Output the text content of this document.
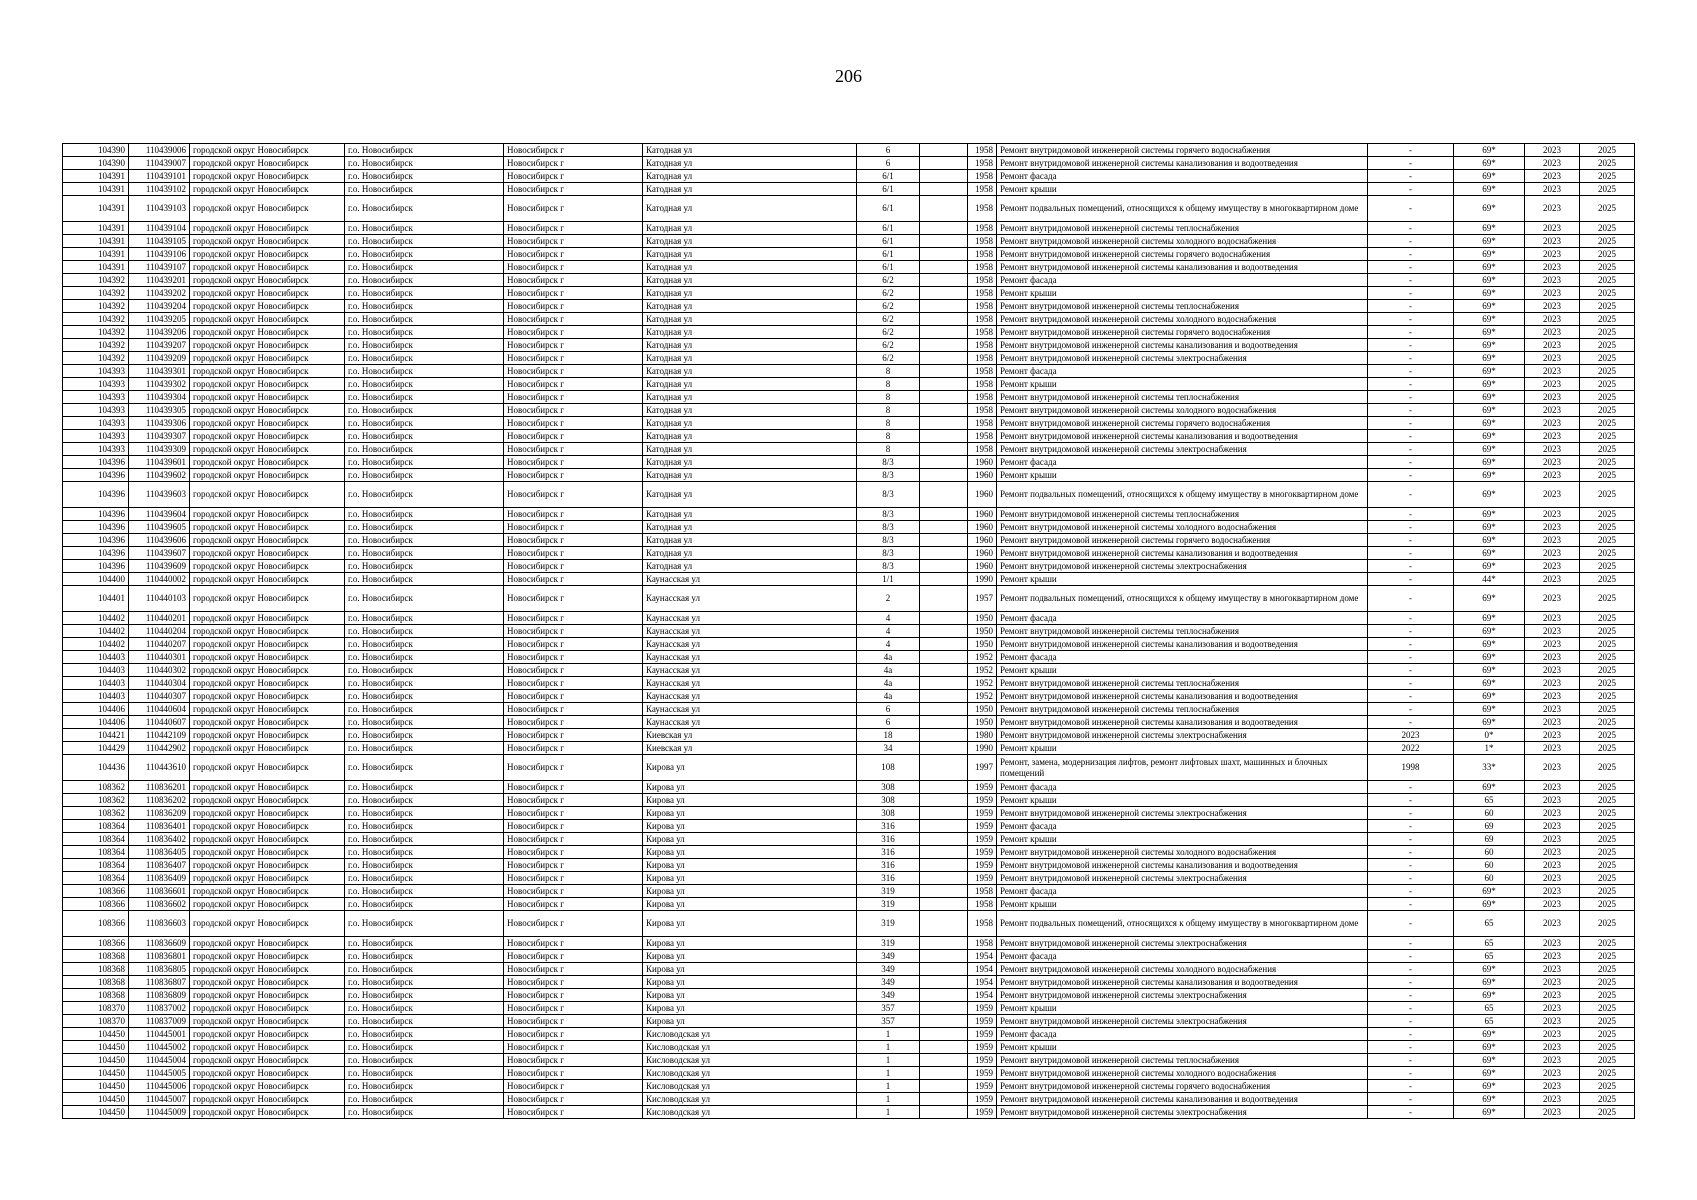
206
104390	110439006	городской округ Новосибирск	г.о. Новосибирск	Новосибирск г	Катодная ул	6		1958	Ремонт внутридомовой инженерной системы горячего водоснабжения	-	69*	2023	2025
104390	110439007	городской округ Новосибирск	г.о. Новосибирск	Новосибирск г	Катодная ул	6		1958	Ремонт внутридомовой инженерной системы канализования и водоотведения	-	69*	2023	2025
104391	110439101	городской округ Новосибирск	г.о. Новосибирск	Новосибирск г	Катодная ул	6/1		1958	Ремонт фасада	-	69*	2023	2025
104391	110439102	городской округ Новосибирск	г.о. Новосибирск	Новосибирск г	Катодная ул	6/1		1958	Ремонт крыши	-	69*	2023	2025
104391	110439103	городской округ Новосибирск	г.о. Новосибирск	Новосибирск г	Катодная ул	6/1		1958	Ремонт подвальных помещений, относящихся к общему имуществу в многоквартирном доме	-	69*	2023	2025
104391	110439104	городской округ Новосибирск	г.о. Новосибирск	Новосибирск г	Катодная ул	6/1		1958	Ремонт внутридомовой инженерной системы теплоснабжения	-	69*	2023	2025
104391	110439105	городской округ Новосибирск	г.о. Новосибирск	Новосибирск г	Катодная ул	6/1		1958	Ремонт внутридомовой инженерной системы холодного водоснабжения	-	69*	2023	2025
104391	110439106	городской округ Новосибирск	г.о. Новосибирск	Новосибирск г	Катодная ул	6/1		1958	Ремонт внутридомовой инженерной системы горячего водоснабжения	-	69*	2023	2025
104391	110439107	городской округ Новосибирск	г.о. Новосибирск	Новосибирск г	Катодная ул	6/1		1958	Ремонт внутридомовой инженерной системы канализования и водоотведения	-	69*	2023	2025
104392	110439201	городской округ Новосибирск	г.о. Новосибирск	Новосибирск г	Катодная ул	6/2		1958	Ремонт фасада	-	69*	2023	2025
104392	110439202	городской округ Новосибирск	г.о. Новосибирск	Новосибирск г	Катодная ул	6/2		1958	Ремонт крыши	-	69*	2023	2025
104392	110439204	городской округ Новосибирск	г.о. Новосибирск	Новосибирск г	Катодная ул	6/2		1958	Ремонт внутридомовой инженерной системы теплоснабжения	-	69*	2023	2025
104392	110439205	городской округ Новосибирск	г.о. Новосибирск	Новосибирск г	Катодная ул	6/2		1958	Ремонт внутридомовой инженерной системы холодного водоснабжения	-	69*	2023	2025
104392	110439206	городской округ Новосибирск	г.о. Новосибирск	Новосибирск г	Катодная ул	6/2		1958	Ремонт внутридомовой инженерной системы горячего водоснабжения	-	69*	2023	2025
104392	110439207	городской округ Новосибирск	г.о. Новосибирск	Новосибирск г	Катодная ул	6/2		1958	Ремонт внутридомовой инженерной системы канализования и водоотведения	-	69*	2023	2025
104392	110439209	городской округ Новосибирск	г.о. Новосибирск	Новосибирск г	Катодная ул	6/2		1958	Ремонт внутридомовой инженерной системы электроснабжения	-	69*	2023	2025
104393	110439301	городской округ Новосибирск	г.о. Новосибирск	Новосибирск г	Катодная ул	8		1958	Ремонт фасада	-	69*	2023	2025
104393	110439302	городской округ Новосибирск	г.о. Новосибирск	Новосибирск г	Катодная ул	8		1958	Ремонт крыши	-	69*	2023	2025
104393	110439304	городской округ Новосибирск	г.о. Новосибирск	Новосибирск г	Катодная ул	8		1958	Ремонт внутридомовой инженерной системы теплоснабжения	-	69*	2023	2025
104393	110439305	городской округ Новосибирск	г.о. Новосибирск	Новосибирск г	Катодная ул	8		1958	Ремонт внутридомовой инженерной системы холодного водоснабжения	-	69*	2023	2025
104393	110439306	городской округ Новосибирск	г.о. Новосибирск	Новосибирск г	Катодная ул	8		1958	Ремонт внутридомовой инженерной системы горячего водоснабжения	-	69*	2023	2025
104393	110439307	городской округ Новосибирск	г.о. Новосибирск	Новосибирск г	Катодная ул	8		1958	Ремонт внутридомовой инженерной системы канализования и водоотведения	-	69*	2023	2025
104393	110439309	городской округ Новосибирск	г.о. Новосибирск	Новосибирск г	Катодная ул	8		1958	Ремонт внутридомовой инженерной системы электроснабжения	-	69*	2023	2025
104396	110439601	городской округ Новосибирск	г.о. Новосибирск	Новосибирск г	Катодная ул	8/3		1960	Ремонт фасада	-	69*	2023	2025
104396	110439602	городской округ Новосибирск	г.о. Новосибирск	Новосибирск г	Катодная ул	8/3		1960	Ремонт крыши	-	69*	2023	2025
104396	110439603	городской округ Новосибирск	г.о. Новосибирск	Новосибирск г	Катодная ул	8/3		1960	Ремонт подвальных помещений, относящихся к общему имуществу в многоквартирном доме	-	69*	2023	2025
104396	110439604	городской округ Новосибирск	г.о. Новосибирск	Новосибирск г	Катодная ул	8/3		1960	Ремонт внутридомовой инженерной системы теплоснабжения	-	69*	2023	2025
104396	110439605	городской округ Новосибирск	г.о. Новосибирск	Новосибирск г	Катодная ул	8/3		1960	Ремонт внутридомовой инженерной системы холодного водоснабжения	-	69*	2023	2025
104396	110439606	городской округ Новосибирск	г.о. Новосибирск	Новосибирск г	Катодная ул	8/3		1960	Ремонт внутридомовой инженерной системы горячего водоснабжения	-	69*	2023	2025
104396	110439607	городской округ Новосибирск	г.о. Новосибирск	Новосибирск г	Катодная ул	8/3		1960	Ремонт внутридомовой инженерной системы канализования и водоотведения	-	69*	2023	2025
104396	110439609	городской округ Новосибирск	г.о. Новосибирск	Новосибирск г	Катодная ул	8/3		1960	Ремонт внутридомовой инженерной системы электроснабжения	-	69*	2023	2025
104400	110440002	городской округ Новосибирск	г.о. Новосибирск	Новосибирск г	Каунасская ул	1/1		1990	Ремонт крыши	-	44*	2023	2025
104401	110440103	городской округ Новосибирск	г.о. Новосибирск	Новосибирск г	Каунасская ул	2		1957	Ремонт подвальных помещений, относящихся к общему имуществу в многоквартирном доме	-	69*	2023	2025
104402	110440201	городской округ Новосибирск	г.о. Новосибирск	Новосибирск г	Каунасская ул	4		1950	Ремонт фасада	-	69*	2023	2025
104402	110440204	городской округ Новосибирск	г.о. Новосибирск	Новосибирск г	Каунасская ул	4		1950	Ремонт внутридомовой инженерной системы теплоснабжения	-	69*	2023	2025
104402	110440207	городской округ Новосибирск	г.о. Новосибирск	Новосибирск г	Каунасская ул	4		1950	Ремонт внутридомовой инженерной системы канализования и водоотведения	-	69*	2023	2025
104403	110440301	городской округ Новосибирск	г.о. Новосибирск	Новосибирск г	Каунасская ул	4а		1952	Ремонт фасада	-	69*	2023	2025
104403	110440302	городской округ Новосибирск	г.о. Новосибирск	Новосибирск г	Каунасская ул	4а		1952	Ремонт крыши	-	69*	2023	2025
104403	110440304	городской округ Новосибирск	г.о. Новосибирск	Новосибирск г	Каунасская ул	4а		1952	Ремонт внутридомовой инженерной системы теплоснабжения	-	69*	2023	2025
104403	110440307	городской округ Новосибирск	г.о. Новосибирск	Новосибирск г	Каунасская ул	4а		1952	Ремонт внутридомовой инженерной системы канализования и водоотведения	-	69*	2023	2025
104406	110440604	городской округ Новосибирск	г.о. Новосибирск	Новосибирск г	Каунасская ул	6		1950	Ремонт внутридомовой инженерной системы теплоснабжения	-	69*	2023	2025
104406	110440607	городской округ Новосибирск	г.о. Новосибирск	Новосибирск г	Каунасская ул	6		1950	Ремонт внутридомовой инженерной системы канализования и водоотведения	-	69*	2023	2025
104421	110442109	городской округ Новосибирск	г.о. Новосибирск	Новосибирск г	Киевская ул	18		1980	Ремонт внутридомовой инженерной системы электроснабжения	2023	0*	2023	2025
104429	110442902	городской округ Новосибирск	г.о. Новосибирск	Новосибирск г	Киевская ул	34		1990	Ремонт крыши	2022	1*	2023	2025
104436	110443610	городской округ Новосибирск	г.о. Новосибирск	Новосибирск г	Кирова ул	108		1997	Ремонт, замена, модернизация лифтов, ремонт лифтовых шахт, машинных и блочных помещений	1998	33*	2023	2025
108362	110836201	городской округ Новосибирск	г.о. Новосибирск	Новосибирск г	Кирова ул	308		1959	Ремонт фасада	-	69*	2023	2025
108362	110836202	городской округ Новосибирск	г.о. Новосибирск	Новосибирск г	Кирова ул	308		1959	Ремонт крыши	-	65	2023	2025
108362	110836209	городской округ Новосибирск	г.о. Новосибирск	Новосибирск г	Кирова ул	308		1959	Ремонт внутридомовой инженерной системы электроснабжения	-	60	2023	2025
108364	110836401	городской округ Новосибирск	г.о. Новосибирск	Новосибирск г	Кирова ул	316		1959	Ремонт фасада	-	69	2023	2025
108364	110836402	городской округ Новосибирск	г.о. Новосибирск	Новосибирск г	Кирова ул	316		1959	Ремонт крыши	-	69	2023	2025
108364	110836405	городской округ Новосибирск	г.о. Новосибирск	Новосибирск г	Кирова ул	316		1959	Ремонт внутридомовой инженерной системы холодного водоснабжения	-	60	2023	2025
108364	110836407	городской округ Новосибирск	г.о. Новосибирск	Новосибирск г	Кирова ул	316		1959	Ремонт внутридомовой инженерной системы канализования и водоотведения	-	60	2023	2025
108364	110836409	городской округ Новосибирск	г.о. Новосибирск	Новосибирск г	Кирова ул	316		1959	Ремонт внутридомовой инженерной системы электроснабжения	-	60	2023	2025
108366	110836601	городской округ Новосибирск	г.о. Новосибирск	Новосибирск г	Кирова ул	319		1958	Ремонт фасада	-	69*	2023	2025
108366	110836602	городской округ Новосибирск	г.о. Новосибирск	Новосибирск г	Кирова ул	319		1958	Ремонт крыши	-	69*	2023	2025
108366	110836603	городской округ Новосибирск	г.о. Новосибирск	Новосибирск г	Кирова ул	319		1958	Ремонт подвальных помещений, относящихся к общему имуществу в многоквартирном доме	-	65	2023	2025
108366	110836609	городской округ Новосибирск	г.о. Новосибирск	Новосибирск г	Кирова ул	319		1958	Ремонт внутридомовой инженерной системы электроснабжения	-	65	2023	2025
108368	110836801	городской округ Новосибирск	г.о. Новосибирск	Новосибирск г	Кирова ул	349		1954	Ремонт фасада	-	65	2023	2025
108368	110836805	городской округ Новосибирск	г.о. Новосибирск	Новосибирск г	Кирова ул	349		1954	Ремонт внутридомовой инженерной системы холодного водоснабжения	-	69*	2023	2025
108368	110836807	городской округ Новосибирск	г.о. Новосибирск	Новосибирск г	Кирова ул	349		1954	Ремонт внутридомовой инженерной системы канализования и водоотведения	-	69*	2023	2025
108368	110836809	городской округ Новосибирск	г.о. Новосибирск	Новосибирск г	Кирова ул	349		1954	Ремонт внутридомовой инженерной системы электроснабжения	-	69*	2023	2025
108370	110837002	городской округ Новосибирск	г.о. Новосибирск	Новосибирск г	Кирова ул	357		1959	Ремонт крыши	-	65	2023	2025
108370	110837009	городской округ Новосибирск	г.о. Новосибирск	Новосибирск г	Кирова ул	357		1959	Ремонт внутридомовой инженерной системы электроснабжения	-	65	2023	2025
104450	110445001	городской округ Новосибирск	г.о. Новосибирск	Новосибирск г	Кисловодская ул	1		1959	Ремонт фасада	-	69*	2023	2025
104450	110445002	городской округ Новосибирск	г.о. Новосибирск	Новосибирск г	Кисловодская ул	1		1959	Ремонт крыши	-	69*	2023	2025
104450	110445004	городской округ Новосибирск	г.о. Новосибирск	Новосибирск г	Кисловодская ул	1		1959	Ремонт внутридомовой инженерной системы теплоснабжения	-	69*	2023	2025
104450	110445005	городской округ Новосибирск	г.о. Новосибирск	Новосибирск г	Кисловодская ул	1		1959	Ремонт внутридомовой инженерной системы холодного водоснабжения	-	69*	2023	2025
104450	110445006	городской округ Новосибирск	г.о. Новосибирск	Новосибирск г	Кисловодская ул	1		1959	Ремонт внутридомовой инженерной системы горячего водоснабжения	-	69*	2023	2025
104450	110445007	городской округ Новосибирск	г.о. Новосибирск	Новосибирск г	Кисловодская ул	1		1959	Ремонт внутридомовой инженерной системы канализования и водоотведения	-	69*	2023	2025
104450	110445009	городской округ Новосибирск	г.о. Новосибирск	Новосибирск г	Кисловодская ул	1		1959	Ремонт внутридомовой инженерной системы электроснабжения	-	69*	2023	2025
